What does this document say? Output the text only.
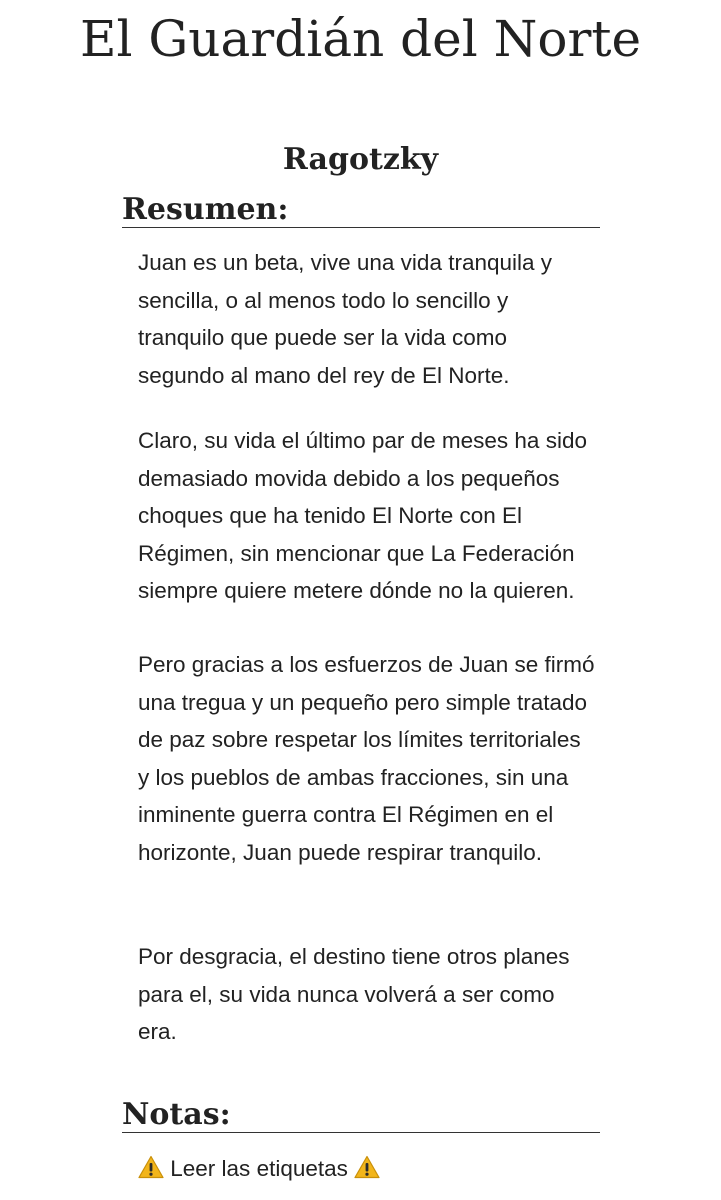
El Guardián del Norte
Ragotzky
Resumen:

Juan es un beta, vive una vida tranquila y sencilla, o al menos todo lo sencillo y tranquilo que puede ser la vida como segundo al mano del rey de El Norte.

Claro, su vida el último par de meses ha sido demasiado movida debido a los pequeños choques que ha tenido El Norte con El Régimen, sin mencionar que La Federación siempre quiere metere dónde no la quieren.

Pero gracias a los esfuerzos de Juan se firmó una tregua y un pequeño pero simple tratado de paz sobre respetar los límites territoriales y los pueblos de ambas fracciones, sin una inminente guerra contra El Régimen en el horizonte, Juan puede respirar tranquilo.

Por desgracia, el destino tiene otros planes para el, su vida nunca volverá a ser como era.

Notas:
Leer las etiquetas
